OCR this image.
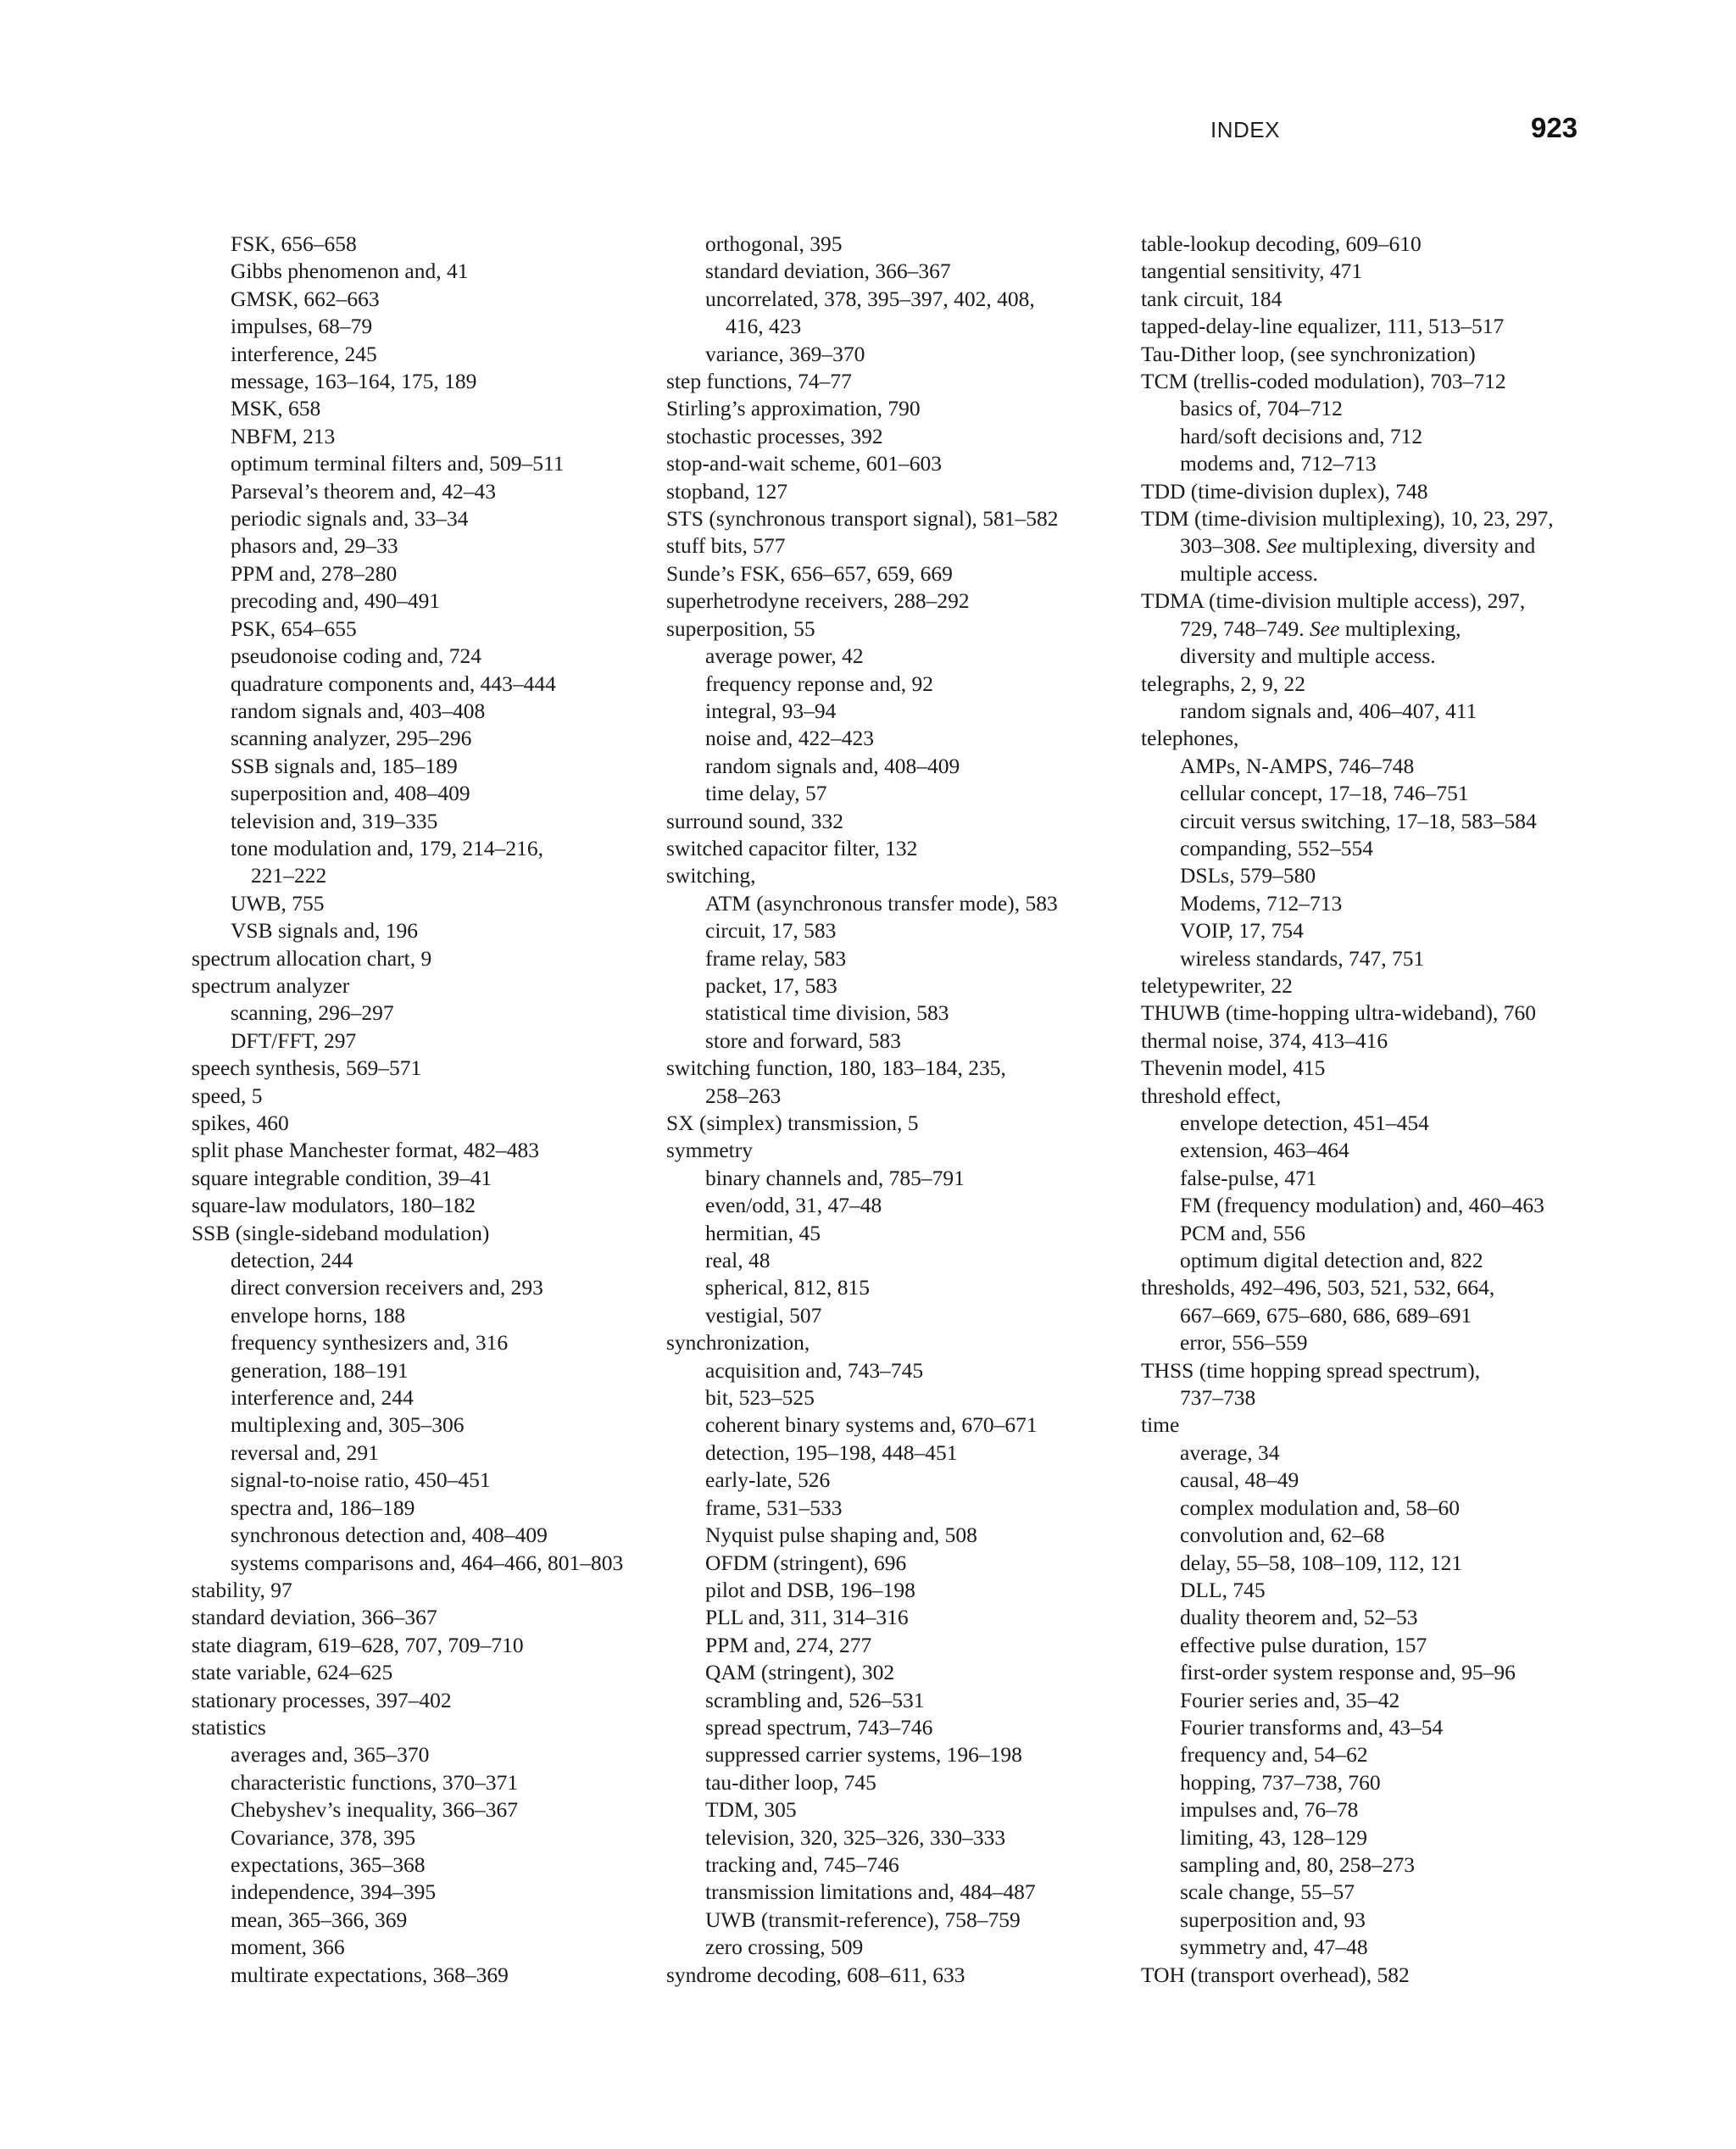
INDEX	923
FSK, 656–658
Gibbs phenomenon and, 41
GMSK, 662–663
impulses, 68–79
interference, 245
message, 163–164, 175, 189
MSK, 658
NBFM, 213
optimum terminal filters and, 509–511
Parseval’s theorem and, 42–43
periodic signals and, 33–34
phasors and, 29–33
PPM and, 278–280
precoding and, 490–491
PSK, 654–655
pseudonoise coding and, 724
quadrature components and, 443–444
random signals and, 403–408
scanning analyzer, 295–296
SSB signals and, 185–189
superposition and, 408–409
television and, 319–335
tone modulation and, 179, 214–216,
221–222
UWB, 755
VSB signals and, 196
spectrum allocation chart, 9
spectrum analyzer
scanning, 296–297
DFT/FFT, 297
speech synthesis, 569–571
speed, 5
spikes, 460
split phase Manchester format, 482–483
square integrable condition, 39–41
square-law modulators, 180–182
SSB (single-sideband modulation)
detection, 244
direct conversion receivers and, 293
envelope horns, 188
frequency synthesizers and, 316
generation, 188–191
interference and, 244
multiplexing and, 305–306
reversal and, 291
signal-to-noise ratio, 450–451
spectra and, 186–189
synchronous detection and, 408–409
systems comparisons and, 464–466, 801–803
stability, 97
standard deviation, 366–367
state diagram, 619–628, 707, 709–710
state variable, 624–625
stationary processes, 397–402
statistics
averages and, 365–370
characteristic functions, 370–371
Chebyshev’s inequality, 366–367
Covariance, 378, 395
expectations, 365–368
independence, 394–395
mean, 365–366, 369
moment, 366
multirate expectations, 368–369
orthogonal, 395
standard deviation, 366–367
uncorrelated, 378, 395–397, 402, 408,
416, 423
variance, 369–370
step functions, 74–77
Stirling’s approximation, 790
stochastic processes, 392
stop-and-wait scheme, 601–603
stopband, 127
STS (synchronous transport signal), 581–582
stuff bits, 577
Sunde’s FSK, 656–657, 659, 669
superhetrodyne receivers, 288–292
superposition, 55
average power, 42
frequency reponse and, 92
integral, 93–94
noise and, 422–423
random signals and, 408–409
time delay, 57
surround sound, 332
switched capacitor filter, 132
switching,
ATM (asynchronous transfer mode), 583
circuit, 17, 583
frame relay, 583
packet, 17, 583
statistical time division, 583
store and forward, 583
switching function, 180, 183–184, 235,
258–263
SX (simplex) transmission, 5
symmetry
binary channels and, 785–791
even/odd, 31, 47–48
hermitian, 45
real, 48
spherical, 812, 815
vestigial, 507
synchronization,
acquisition and, 743–745
bit, 523–525
coherent binary systems and, 670–671
detection, 195–198, 448–451
early-late, 526
frame, 531–533
Nyquist pulse shaping and, 508
OFDM (stringent), 696
pilot and DSB, 196–198
PLL and, 311, 314–316
PPM and, 274, 277
QAM (stringent), 302
scrambling and, 526–531
spread spectrum, 743–746
suppressed carrier systems, 196–198
tau-dither loop, 745
TDM, 305
television, 320, 325–326, 330–333
tracking and, 745–746
transmission limitations and, 484–487
UWB (transmit-reference), 758–759
zero crossing, 509
syndrome decoding, 608–611, 633
table-lookup decoding, 609–610
tangential sensitivity, 471
tank circuit, 184
tapped-delay-line equalizer, 111, 513–517
Tau-Dither loop, (see synchronization)
TCM (trellis-coded modulation), 703–712
basics of, 704–712
hard/soft decisions and, 712
modems and, 712–713
TDD (time-division duplex), 748
TDM (time-division multiplexing), 10, 23, 297,
303–308. See multiplexing, diversity and
multiple access.
TDMA (time-division multiple access), 297,
729, 748–749. See multiplexing,
diversity and multiple access.
telegraphs, 2, 9, 22
random signals and, 406–407, 411
telephones,
AMPs, N-AMPS, 746–748
cellular concept, 17–18, 746–751
circuit versus switching, 17–18, 583–584
companding, 552–554
DSLs, 579–580
Modems, 712–713
VOIP, 17, 754
wireless standards, 747, 751
teletypewriter, 22
THUWB (time-hopping ultra-wideband), 760
thermal noise, 374, 413–416
Thevenin model, 415
threshold effect,
envelope detection, 451–454
extension, 463–464
false-pulse, 471
FM (frequency modulation) and, 460–463
PCM and, 556
optimum digital detection and, 822
thresholds, 492–496, 503, 521, 532, 664,
667–669, 675–680, 686, 689–691
error, 556–559
THSS (time hopping spread spectrum),
737–738
time
average, 34
causal, 48–49
complex modulation and, 58–60
convolution and, 62–68
delay, 55–58, 108–109, 112, 121
DLL, 745
duality theorem and, 52–53
effective pulse duration, 157
first-order system response and, 95–96
Fourier series and, 35–42
Fourier transforms and, 43–54
frequency and, 54–62
hopping, 737–738, 760
impulses and, 76–78
limiting, 43, 128–129
sampling and, 80, 258–273
scale change, 55–57
superposition and, 93
symmetry and, 47–48
TOH (transport overhead), 582
